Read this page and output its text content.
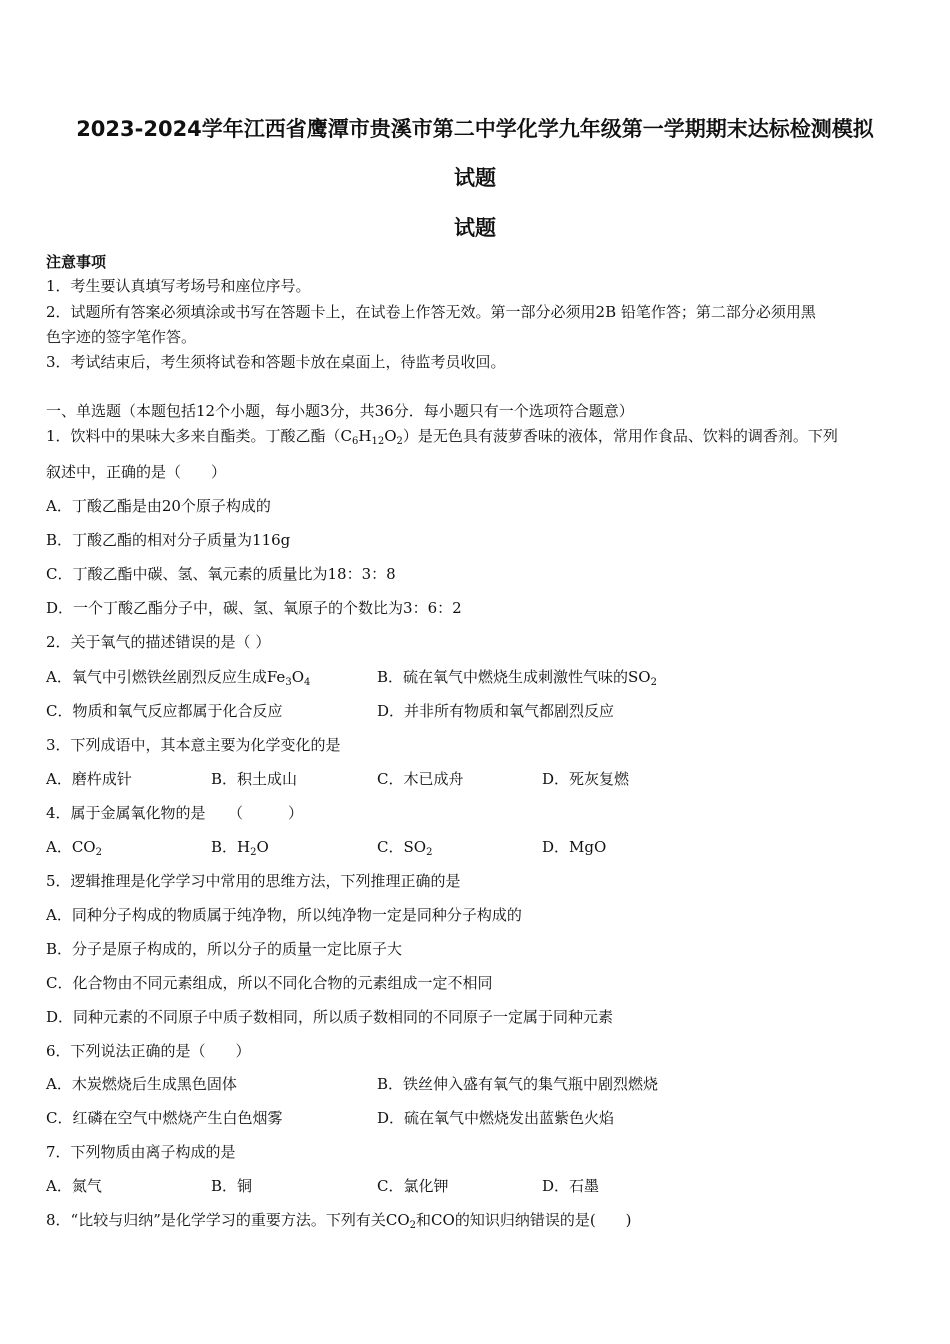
2023-2024学年江西省鹰潭市贵溪市第二中学化学九年级第一学期期末达标检测模拟
试题
试题
注意事项
1．考生要认真填写考场号和座位序号。
2．试题所有答案必须填涂或书写在答题卡上，在试卷上作答无效。第一部分必须用2B 铅笔作答；第二部分必须用黑
色字迹的签字笔作答。
3．考试结束后，考生须将试卷和答题卡放在桌面上，待监考员收回。
一、单选题（本题包括12个小题，每小题3分，共36分．每小题只有一个选项符合题意）
1．饮料中的果味大多来自酯类。丁酸乙酯$(C_6H_{12}O_2)$是无色具有菠萝香味的液体，常用作食品、饮料的调香剂。下列
叙述中，正确的是（　　）
A．丁酸乙酯是由20个原子构成的
B．丁酸乙酯的相对分子质量为116g
C．丁酸乙酯中碳、氢、氧元素的质量比为18：3：8
D．一个丁酸乙酯分子中，碳、氢、氧原子的个数比为3：6：2
2．关于氧气的描述错误的是（ ）
A．氧气中引燃铁丝剧烈反应生成$Fe_3O_4$	B．硫在氧气中燃烧生成刺激性气味的$SO_2$
C．物质和氧气反应都属于化合反应	D．并非所有物质和氧气都剧烈反应
3．下列成语中，其本意主要为化学变化的是
A．磨杵成针	B．积土成山	C．木已成舟	D．死灰复燃
4．属于金属氧化物的是　　（　　　）
A．$CO_2$	B．$H_2O$	C．$SO_2$	D．MgO
5．逻辑推理是化学学习中常用的思维方法，下列推理正确的是
A．同种分子构成的物质属于纯净物，所以纯净物一定是同种分子构成的
B．分子是原子构成的，所以分子的质量一定比原子大
C．化合物由不同元素组成，所以不同化合物的元素组成一定不相同
D．同种元素的不同原子中质子数相同，所以质子数相同的不同原子一定属于同种元素
6．下列说法正确的是（　　）
A．木炭燃烧后生成黑色固体	B．铁丝伸入盛有氧气的集气瓶中剧烈燃烧
C．红磷在空气中燃烧产生白色烟雾	D．硫在氧气中燃烧发出蓝紫色火焰
7．下列物质由离子构成的是
A．氮气	B．铜	C．氯化钾	D．石墨
8．“比较与归纳”是化学学习的重要方法。下列有关$CO_2$和CO的知识归纳错误的是(　　)
